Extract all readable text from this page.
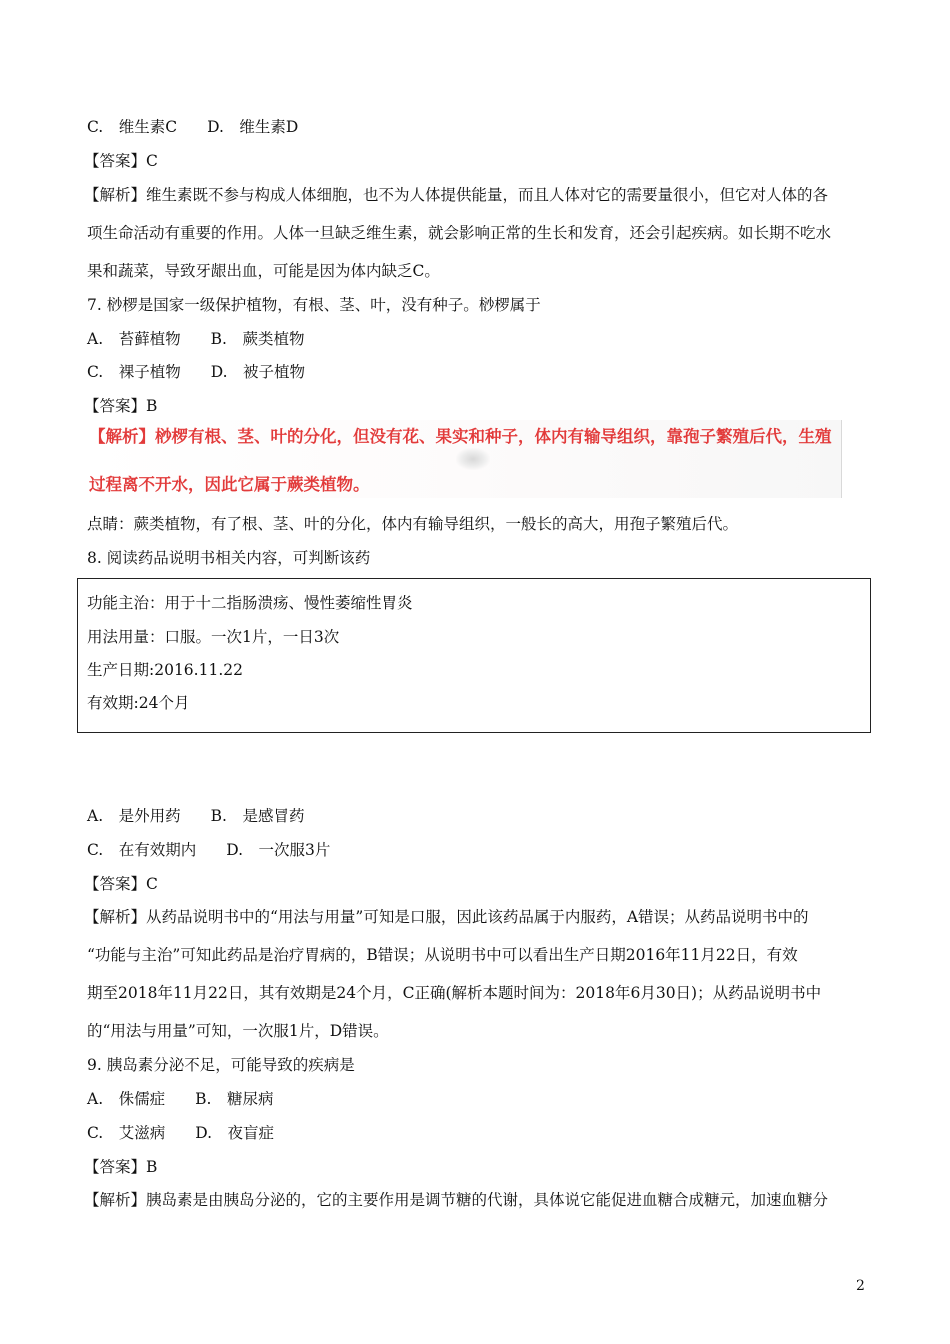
C.　维生素C D.　维生素D
【答案】C
【解析】维生素既不参与构成人体细胞，也不为人体提供能量，而且人体对它的需要量很小，但它对人体的各
项生命活动有重要的作用。人体一旦缺乏维生素，就会影响正常的生长和发育，还会引起疾病。如长期不吃水
果和蔬菜，导致牙龈出血，可能是因为体内缺乏C。
7. 桫椤是国家一级保护植物，有根、茎、叶，没有种子。桫椤属于
A.　苔藓植物 B.　蕨类植物
C.　裸子植物 D.　被子植物
【答案】B
【解析】桫椤有根、茎、叶的分化，但没有花、果实和种子，体内有输导组织，靠孢子繁殖后代，生殖
过程离不开水，因此它属于蕨类植物。
点睛：蕨类植物，有了根、茎、叶的分化，体内有输导组织，一般长的高大，用孢子繁殖后代。
8. 阅读药品说明书相关内容，可判断该药
功能主治：用于十二指肠溃疡、慢性萎缩性胃炎
用法用量：口服。一次1片，一日3次
生产日期:2016.11.22
有效期:24个月
A.　是外用药 B.　是感冒药
C.　在有效期内 D.　一次服3片
【答案】C
【解析】从药品说明书中的“用法与用量”可知是口服，因此该药品属于内服药，A错误；从药品说明书中的
“功能与主治”可知此药品是治疗胃病的，B错误；从说明书中可以看出生产日期2016年11月22日，有效
期至2018年11月22日，其有效期是24个月，C正确(解析本题时间为：2018年6月30日)；从药品说明书中
的“用法与用量”可知，一次服1片，D错误。
9. 胰岛素分泌不足，可能导致的疾病是
A.　侏儒症 B.　糖尿病
C.　艾滋病 D.　夜盲症
【答案】B
【解析】胰岛素是由胰岛分泌的，它的主要作用是调节糖的代谢，具体说它能促进血糖合成糖元，加速血糖分
2
